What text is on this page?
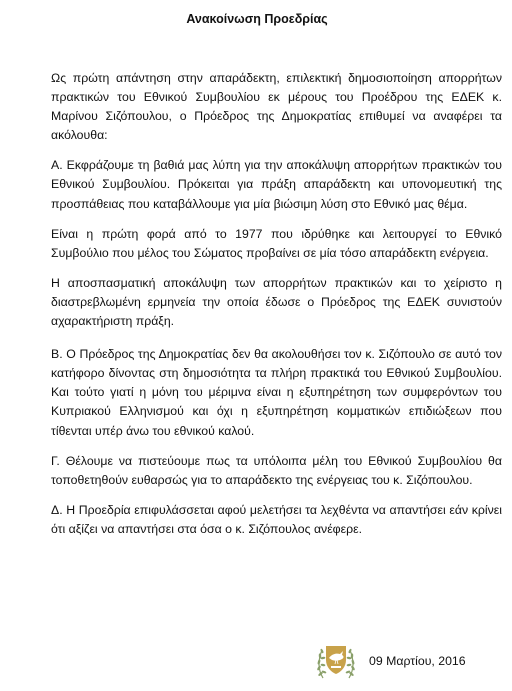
Ανακοίνωση Προεδρίας

Ως πρώτη απάντηση στην απαράδεκτη, επιλεκτική δημοσιοποίηση απορρήτων πρακτικών του Εθνικού Συμβουλίου εκ μέρους του Προέδρου της ΕΔΕΚ κ. Μαρίνου Σιζόπουλου, ο Πρόεδρος της Δημοκρατίας επιθυμεί να αναφέρει τα ακόλουθα:

Α. Εκφράζουμε τη βαθιά μας λύπη για την αποκάλυψη απορρήτων πρακτικών του Εθνικού Συμβουλίου. Πρόκειται για πράξη απαράδεκτη και υπονομευτική της προσπάθειας που καταβάλλουμε για μία βιώσιμη λύση στο Εθνικό μας θέμα.

Είναι η πρώτη φορά από το 1977 που ιδρύθηκε και λειτουργεί το Εθνικό Συμβούλιο που μέλος του Σώματος προβαίνει σε μία τόσο απαράδεκτη ενέργεια.

Η αποσπασματική αποκάλυψη των απορρήτων πρακτικών και το χείριστο η διαστρεβλωμένη ερμηνεία την οποία έδωσε ο Πρόεδρος της ΕΔΕΚ συνιστούν αχαρακτήριστη πράξη.

Β. Ο Πρόεδρος της Δημοκρατίας δεν θα ακολουθήσει τον κ. Σιζόπουλο σε αυτό τον κατήφορο δίνοντας στη δημοσιότητα τα πλήρη πρακτικά του Εθνικού Συμβουλίου. Και τούτο γιατί η μόνη του μέριμνα είναι η εξυπηρέτηση των συμφερόντων του Κυπριακού Ελληνισμού και όχι η εξυπηρέτηση κομματικών επιδιώξεων που τίθενται υπέρ άνω του εθνικού καλού.

Γ. Θέλουμε να πιστεύουμε πως τα υπόλοιπα μέλη του Εθνικού Συμβουλίου θα τοποθετηθούν ευθαρσώς για το απαράδεκτο της ενέργειας του κ. Σιζόπουλου.

Δ. Η Προεδρία επιφυλάσσεται αφού μελετήσει τα λεχθέντα να απαντήσει εάν κρίνει ότι αξίζει να απαντήσει στα όσα ο κ. Σιζόπουλος ανέφερε.

09 Μαρτίου, 2016
